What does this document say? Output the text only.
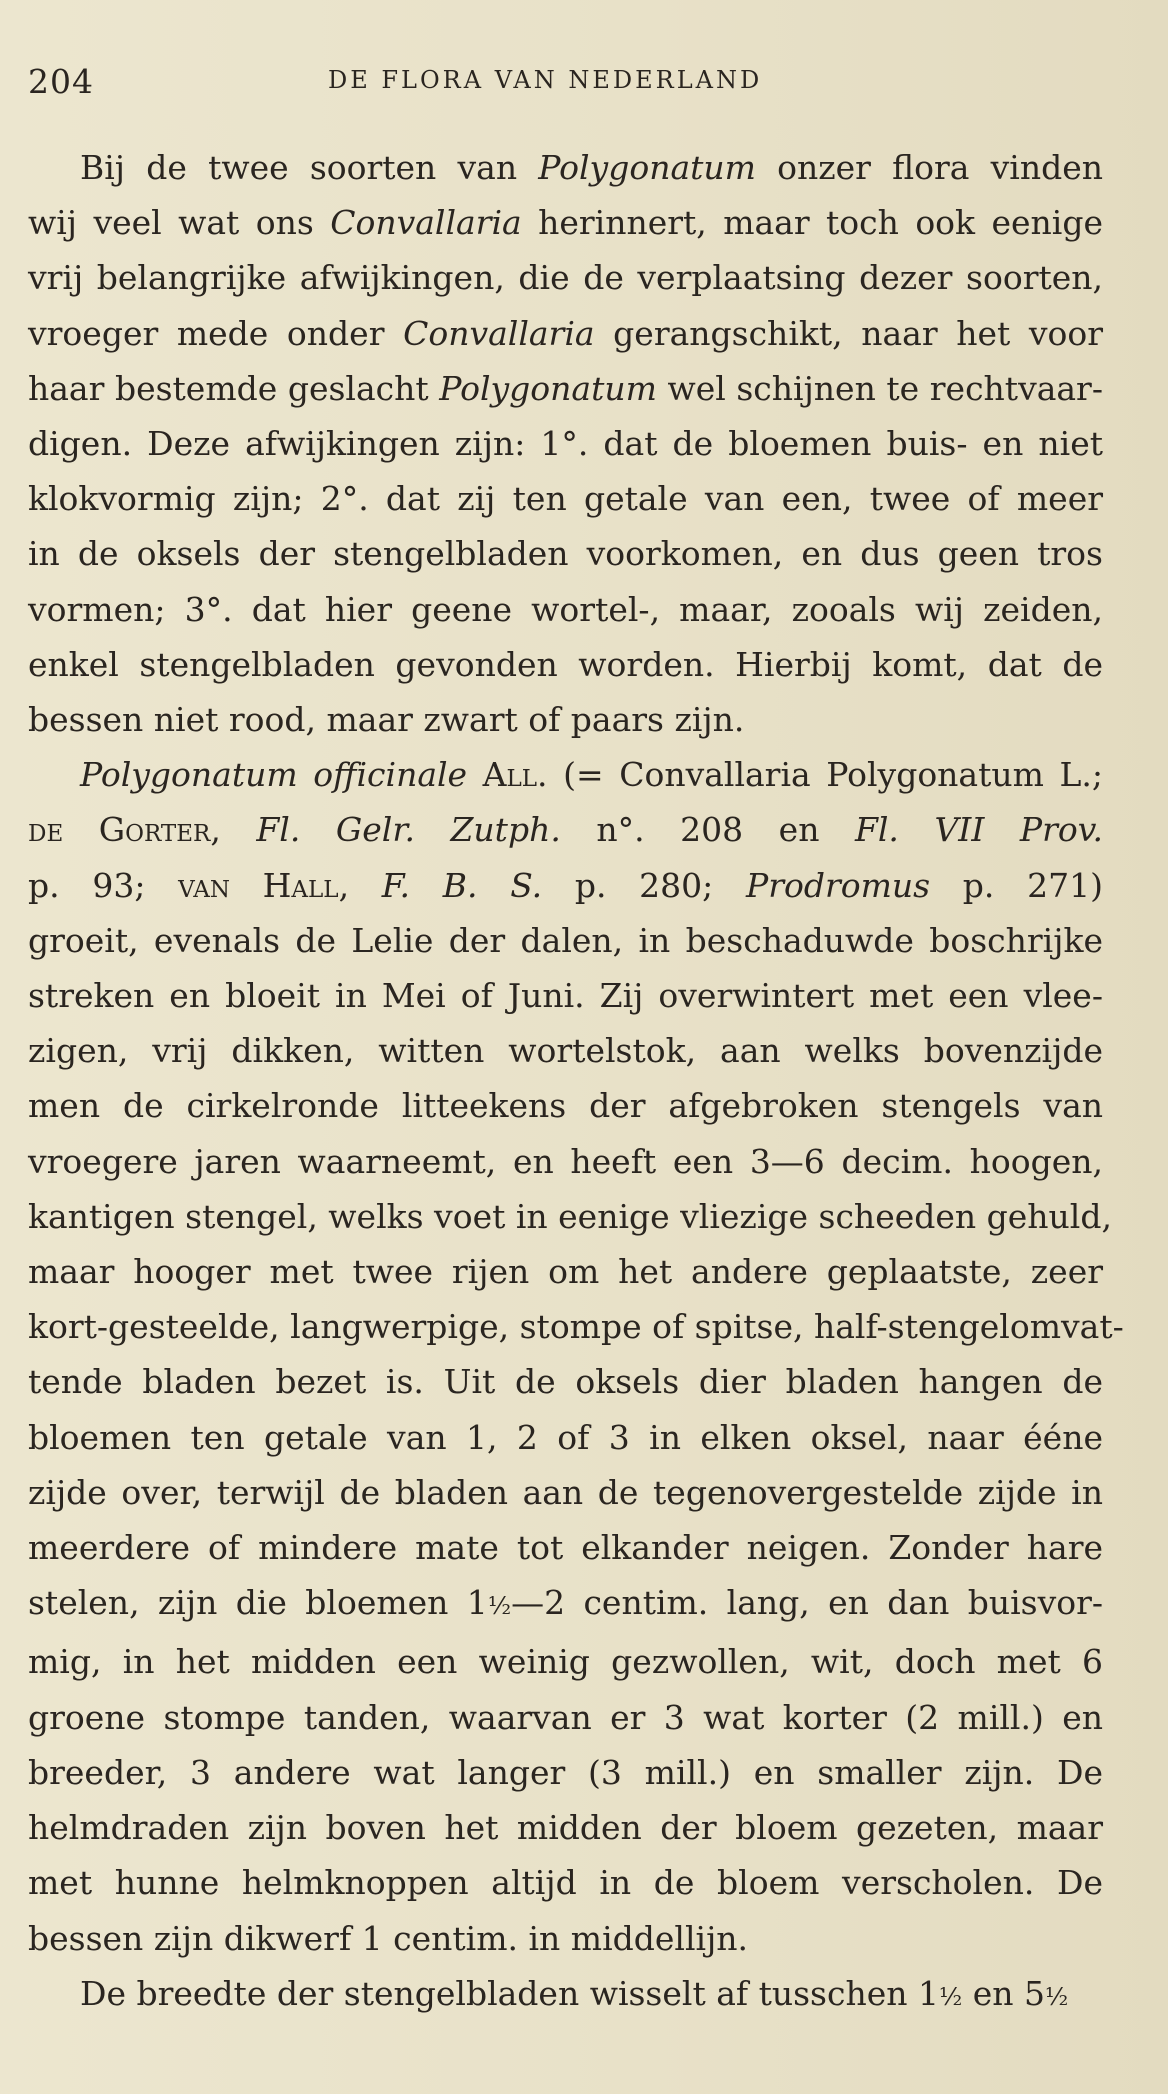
204	DE FLORA VAN NEDERLAND
Bij de twee soorten van Polygonatum onzer flora vinden
wij veel wat ons Convallaria herinnert, maar toch ook eenige
vrij belangrijke afwijkingen, die de verplaatsing dezer soorten,
vroeger mede onder Convallaria gerangschikt, naar het voor
haar bestemde geslacht Polygonatum wel schijnen te rechtvaar-
digen. Deze afwijkingen zijn: 1°. dat de bloemen buis- en niet
klokvormig zijn; 2°. dat zij ten getale van een, twee of meer
in de oksels der stengelbladen voorkomen, en dus geen tros
vormen; 3°. dat hier geene wortel-, maar, zooals wij zeiden,
enkel stengelbladen gevonden worden. Hierbij komt, dat de
bessen niet rood, maar zwart of paars zijn.
Polygonatum officinale All. (= Convallaria Polygonatum L.;
de Gorter, Fl. Gelr. Zutph. n°. 208 en Fl. VII Prov.
p. 93; van Hall, F. B. S. p. 280; Prodromus p. 271)
groeit, evenals de Lelie der dalen, in beschaduwde boschrijke
streken en bloeit in Mei of Juni. Zij overwintert met een vlee-
zigen, vrij dikken, witten wortelstok, aan welks bovenzijde
men de cirkelronde litteekens der afgebroken stengels van
vroegere jaren waarneemt, en heeft een 3—6 decim. hoogen,
kantigen stengel, welks voet in eenige vliezige scheeden gehuld,
maar hooger met twee rijen om het andere geplaatste, zeer
kort-gesteelde, langwerpige, stompe of spitse, half-stengelomvat-
tende bladen bezet is. Uit de oksels dier bladen hangen de
bloemen ten getale van 1, 2 of 3 in elken oksel, naar ééne
zijde over, terwijl de bladen aan de tegenovergestelde zijde in
meerdere of mindere mate tot elkander neigen. Zonder hare
stelen, zijn die bloemen 1½—2 centim. lang, en dan buisvor-
mig, in het midden een weinig gezwollen, wit, doch met 6
groene stompe tanden, waarvan er 3 wat korter (2 mill.) en
breeder, 3 andere wat langer (3 mill.) en smaller zijn. De
helmdraden zijn boven het midden der bloem gezeten, maar
met hunne helmknoppen altijd in de bloem verscholen. De
bessen zijn dikwerf 1 centim. in middellijn.
De breedte der stengelbladen wisselt af tusschen 1½ en 5½
